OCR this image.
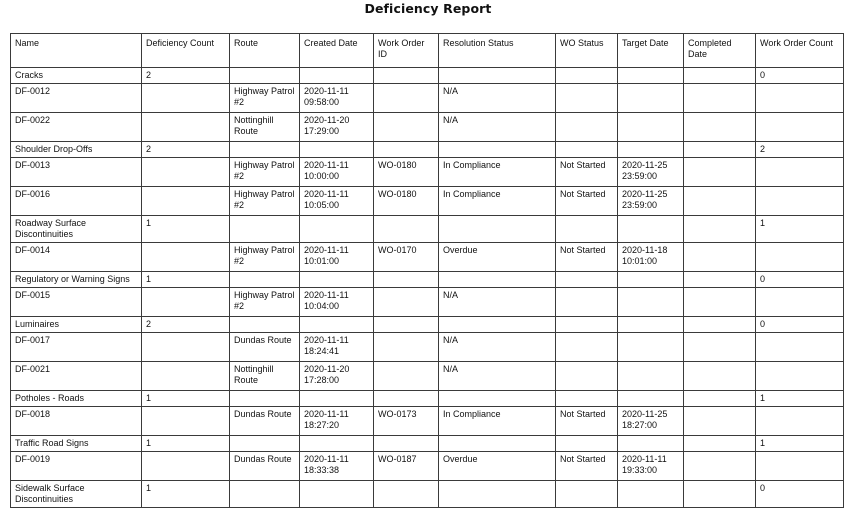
Deficiency Report
Name	Deficiency Count	Route	Created Date	Work Order ID	Resolution Status	WO Status	Target Date	Completed Date	Work Order Count
Cracks	2								0
DF-0012		Highway Patrol #2	2020-11-11 09:58:00		N/A				
DF-0022		Nottinghill Route	2020-11-20 17:29:00		N/A				
Shoulder Drop-Offs	2								2
DF-0013		Highway Patrol #2	2020-11-11 10:00:00	WO-0180	In Compliance	Not Started	2020-11-25 23:59:00		
DF-0016		Highway Patrol #2	2020-11-11 10:05:00	WO-0180	In Compliance	Not Started	2020-11-25 23:59:00		
Roadway Surface Discontinuities	1								1
DF-0014		Highway Patrol #2	2020-11-11 10:01:00	WO-0170	Overdue	Not Started	2020-11-18 10:01:00		
Regulatory or Warning Signs	1								0
DF-0015		Highway Patrol #2	2020-11-11 10:04:00		N/A				
Luminaires	2								0
DF-0017		Dundas Route	2020-11-11 18:24:41		N/A				
DF-0021		Nottinghill Route	2020-11-20 17:28:00		N/A				
Potholes - Roads	1								1
DF-0018		Dundas Route	2020-11-11 18:27:20	WO-0173	In Compliance	Not Started	2020-11-25 18:27:00		
Traffic Road Signs	1								1
DF-0019		Dundas Route	2020-11-11 18:33:38	WO-0187	Overdue	Not Started	2020-11-11 19:33:00		
Sidewalk Surface Discontinuities	1								0
